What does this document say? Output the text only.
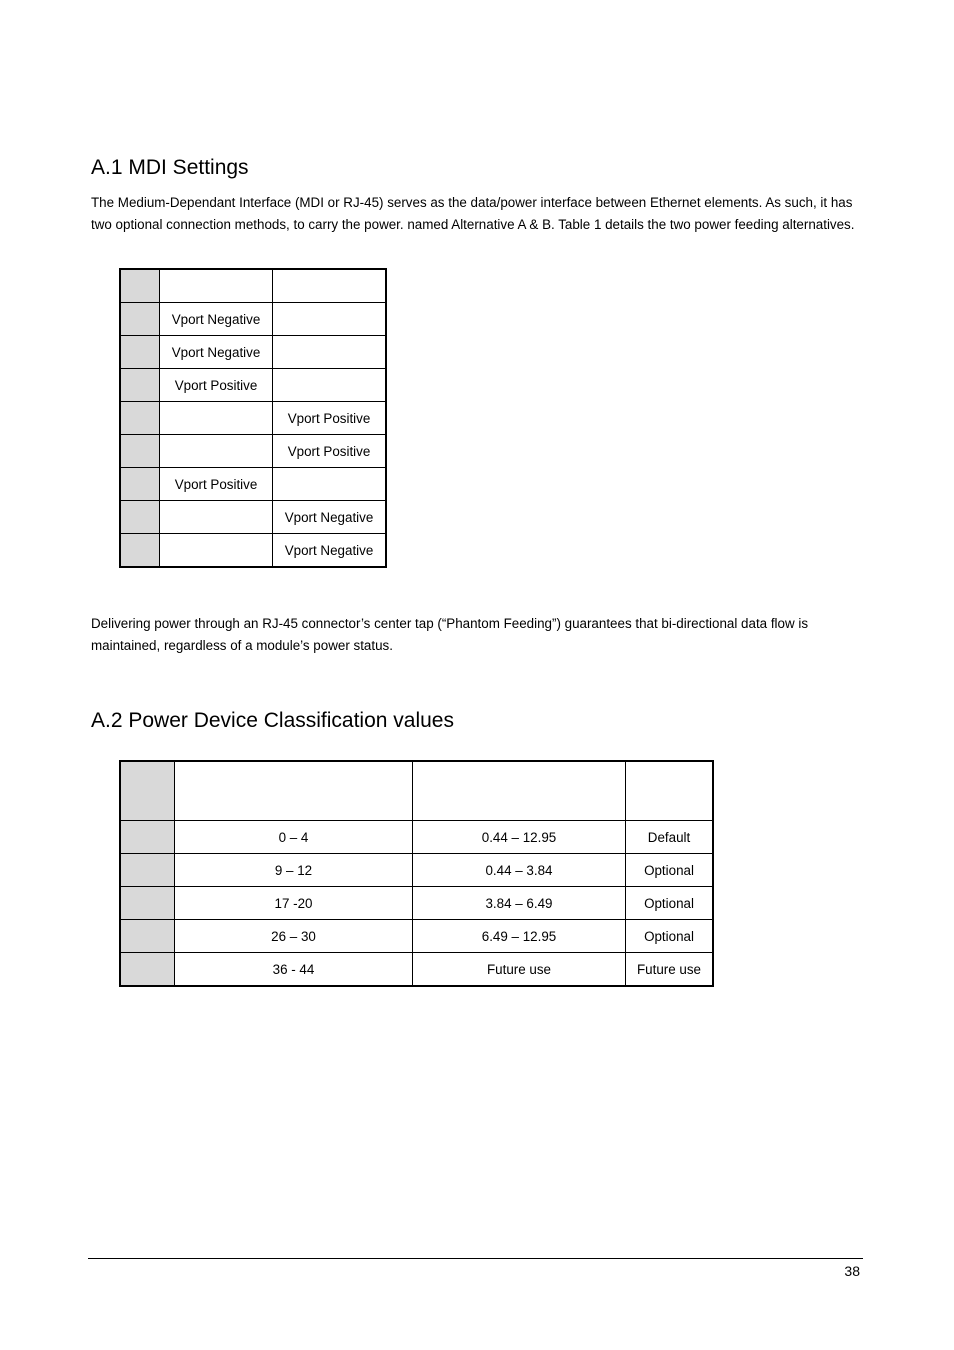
A.1 MDI Settings

The Medium-Dependant Interface (MDI or RJ-45) serves as the data/power interface between Ethernet elements. As such, it has two optional connection methods, to carry the power. named Alternative A & B. Table 1 details the two power feeding alternatives.

	Vport Negative	
	Vport Negative	
	Vport Positive	
		Vport Positive
		Vport Positive
	Vport Positive	
		Vport Negative
		Vport Negative

Delivering power through an RJ-45 connector’s center tap (“Phantom Feeding”) guarantees that bi-directional data flow is maintained, regardless of a module’s power status.

A.2 Power Device Classification values

	0 – 4	0.44 – 12.95	Default
	9 – 12	0.44 – 3.84	Optional
	17 -20	3.84 – 6.49	Optional
	26 – 30	6.49 – 12.95	Optional
	36 - 44	Future use	Future use
38
